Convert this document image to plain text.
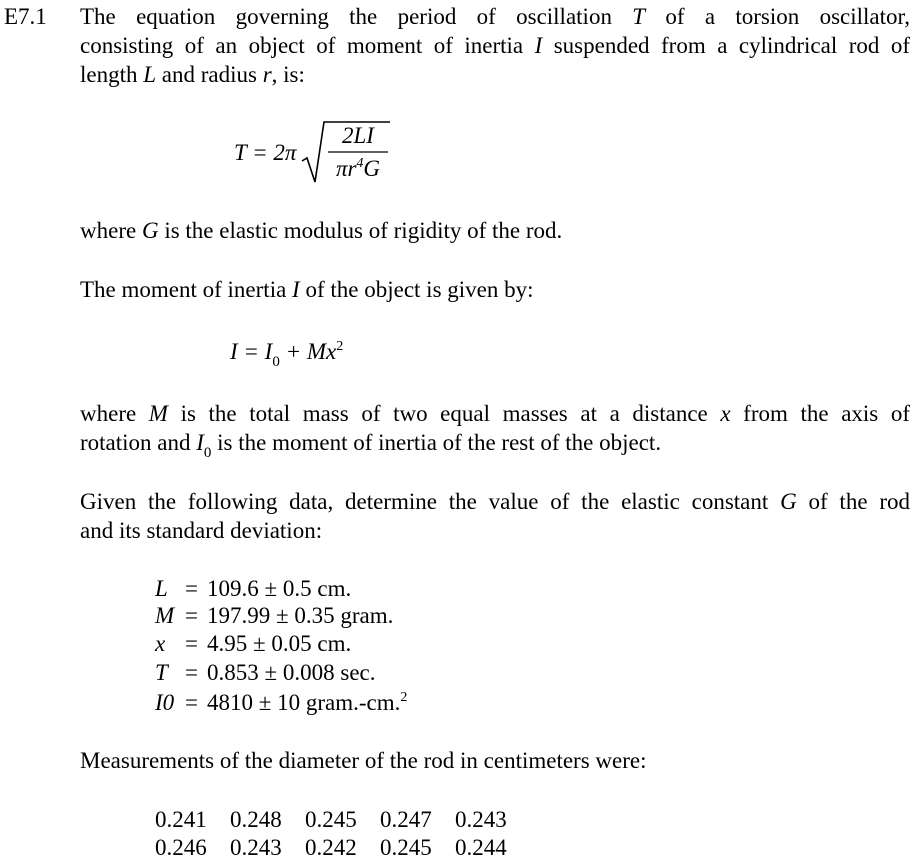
E7.1 The equation governing the period of oscillation T of a torsion oscillator,
consisting of an object of moment of inertia I suspended from a cylindrical rod of
length L and radius r, is:
T = 2π
2LI
$\pi r^4G$
where G is the elastic modulus of rigidity of the rod.
The moment of inertia I of the object is given by:
$I = I_0 + Mx^2$
where M is the total mass of two equal masses at a distance x from the axis of
rotation and $I_0$ is the moment of inertia of the rest of the object.
Given the following data, determine the value of the elastic constant G of the rod
and its standard deviation:
L = 109.6 ± 0.5 cm.
M = 197.99 ± 0.35 gram.
x = 4.95 ± 0.05 cm.
T = 0.853 ± 0.008 sec.
I0 = 4810 ± 10 gram.-cm.$^2$
Measurements of the diameter of the rod in centimeters were:
0.241 0.248 0.245 0.247 0.243
0.246 0.243 0.242 0.245 0.244
